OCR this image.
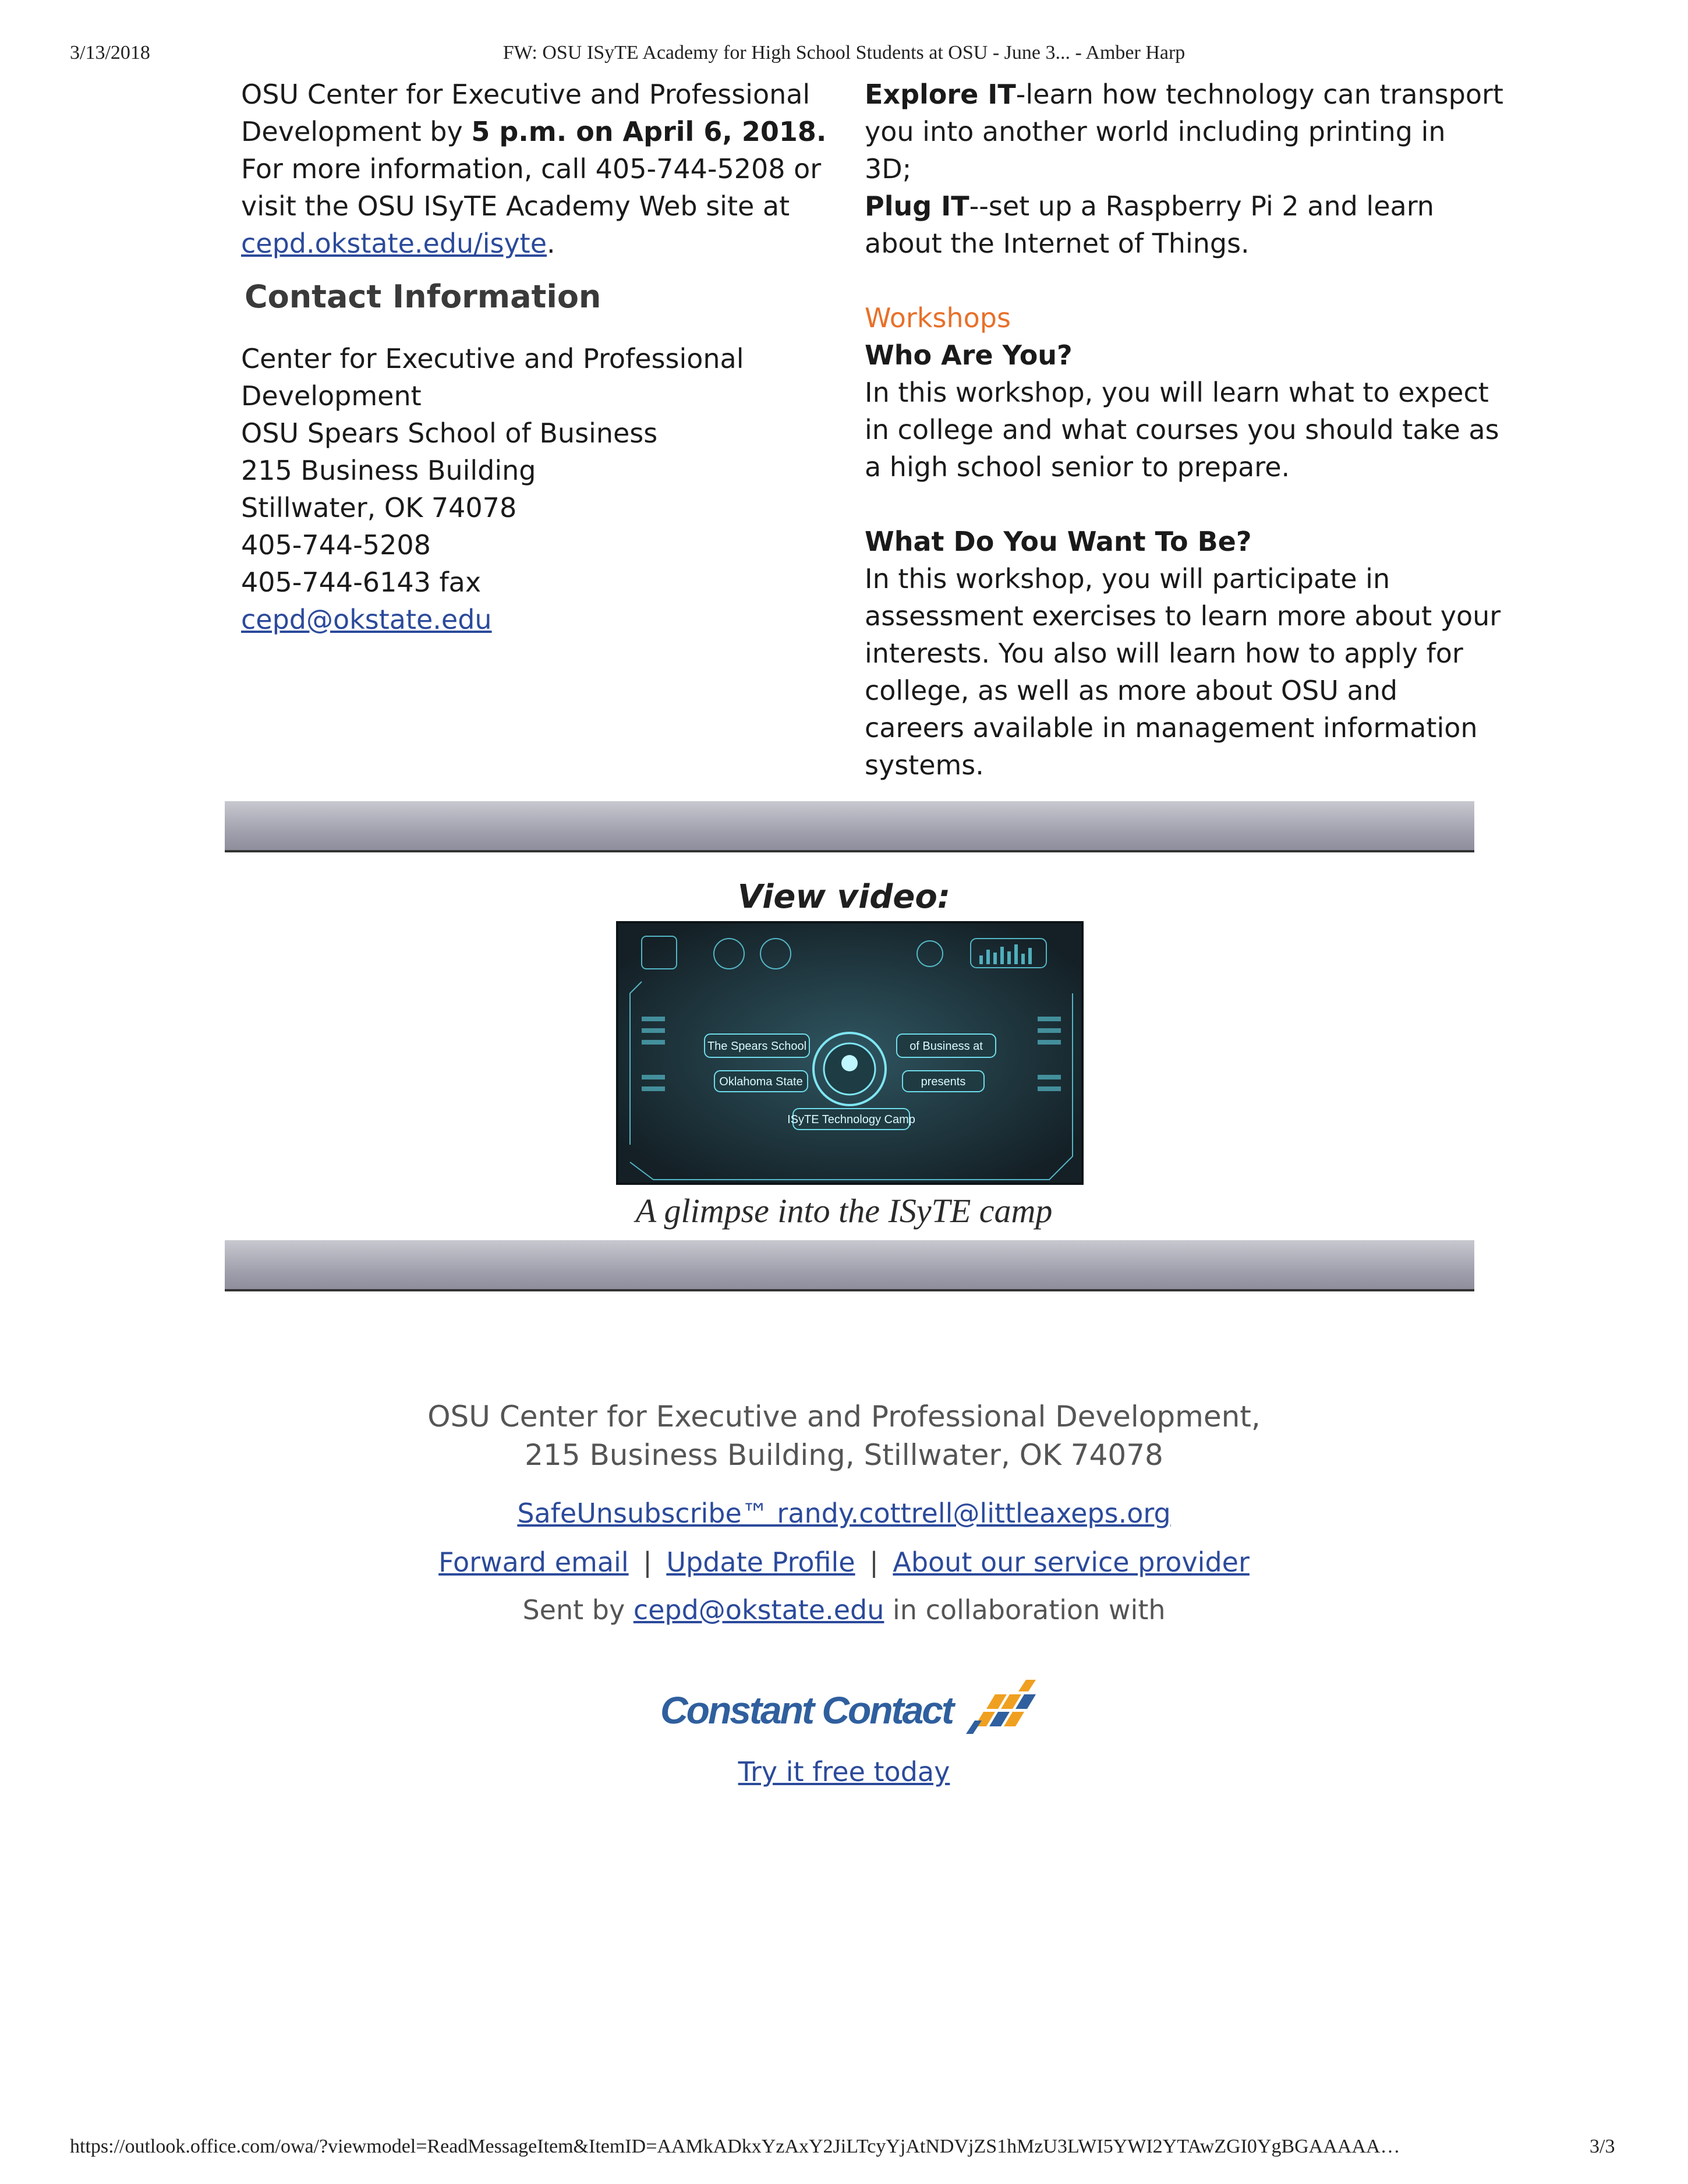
FW: OSU ISyTE Academy for High School Students at OSU - June 3... - Amber Harp
3/13/2018
OSU Center for Executive and Professional
Development by 5 p.m. on April 6, 2018.
For more information, call 405-744-5208 or
visit the OSU ISyTE Academy Web site at
cepd.okstate.edu/isyte.
Contact Information
Center for Executive and Professional
Development
OSU Spears School of Business
215 Business Building
Stillwater, OK 74078
405-744-5208
405-744-6143 fax
cepd@okstate.edu
Explore IT-learn how technology can transport
you into another world including printing in
3D;
Plug IT--set up a Raspberry Pi 2 and learn
about the Internet of Things.
Workshops
Who Are You?
In this workshop, you will learn what to expect
in college and what courses you should take as
a high school senior to prepare.
What Do You Want To Be?
In this workshop, you will participate in
assessment exercises to learn more about your
interests. You also will learn how to apply for
college, as well as more about OSU and
careers available in management information
systems.
View video:
The Spears School	of Business at
Oklahoma State	presents
ISyTE Technology Camp
A glimpse into the ISyTE camp
OSU Center for Executive and Professional Development,
215 Business Building, Stillwater, OK 74078
SafeUnsubscribe™ randy.cottrell@littleaxeps.org
Forward email | Update Profile | About our service provider
Sent by cepd@okstate.edu in collaboration with
Constant Contact
Try it free today
https://outlook.office.com/owa/?viewmodel=ReadMessageItem&ItemID=AAMkADkxYzAxY2JiLTcyYjAtNDVjZS1hMzU3LWI5YWI2YTAwZGI0YgBGAAAAA…	3/3
